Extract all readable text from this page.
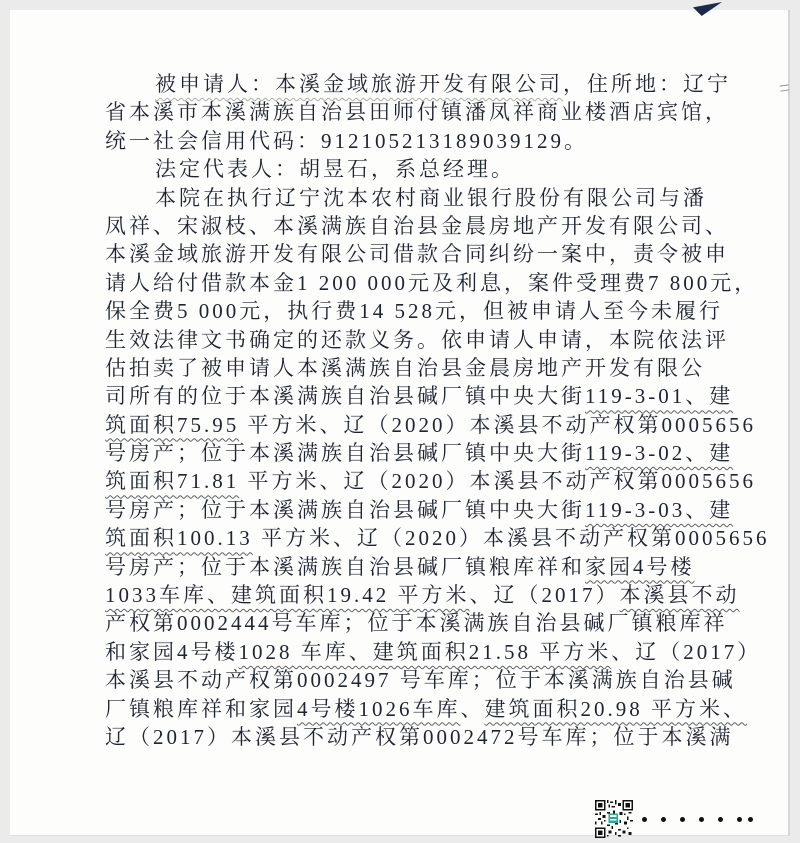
被申请人：本溪金域旅游开发有限公司，住所地：辽宁
省本溪市本溪满族自治县田师付镇潘凤祥商业楼酒店宾馆，
统一社会信用代码：912105213189039129。
法定代表人：胡昱石，系总经理。
本院在执行辽宁沈本农村商业银行股份有限公司与潘
凤祥、宋淑枝、本溪满族自治县金晨房地产开发有限公司、
本溪金域旅游开发有限公司借款合同纠纷一案中，责令被申
请人给付借款本金1 200 000元及利息，案件受理费7 800元，
保全费5 000元，执行费14 528元，但被申请人至今未履行
生效法律文书确定的还款义务。依申请人申请，本院依法评
估拍卖了被申请人本溪满族自治县金晨房地产开发有限公
司所有的位于本溪满族自治县碱厂镇中央大街119-3-01、建
筑面积75.95 平方米、辽（2020）本溪县不动产权第0005656
号房产；位于本溪满族自治县碱厂镇中央大街119-3-02、建
筑面积71.81 平方米、辽（2020）本溪县不动产权第0005656
号房产；位于本溪满族自治县碱厂镇中央大街119-3-03、建
筑面积100.13 平方米、辽（2020）本溪县不动产权第0005656
号房产；位于本溪满族自治县碱厂镇粮库祥和家园4号楼
1033车库、建筑面积19.42 平方米、辽（2017）本溪县不动
产权第0002444号车库；位于本溪满族自治县碱厂镇粮库祥
和家园4号楼1028 车库、建筑面积21.58 平方米、辽（2017）
本溪县不动产权第0002497 号车库；位于本溪满族自治县碱
厂镇粮库祥和家园4号楼1026车库、建筑面积20.98 平方米、
辽（2017）本溪县不动产权第0002472号车库；位于本溪满
